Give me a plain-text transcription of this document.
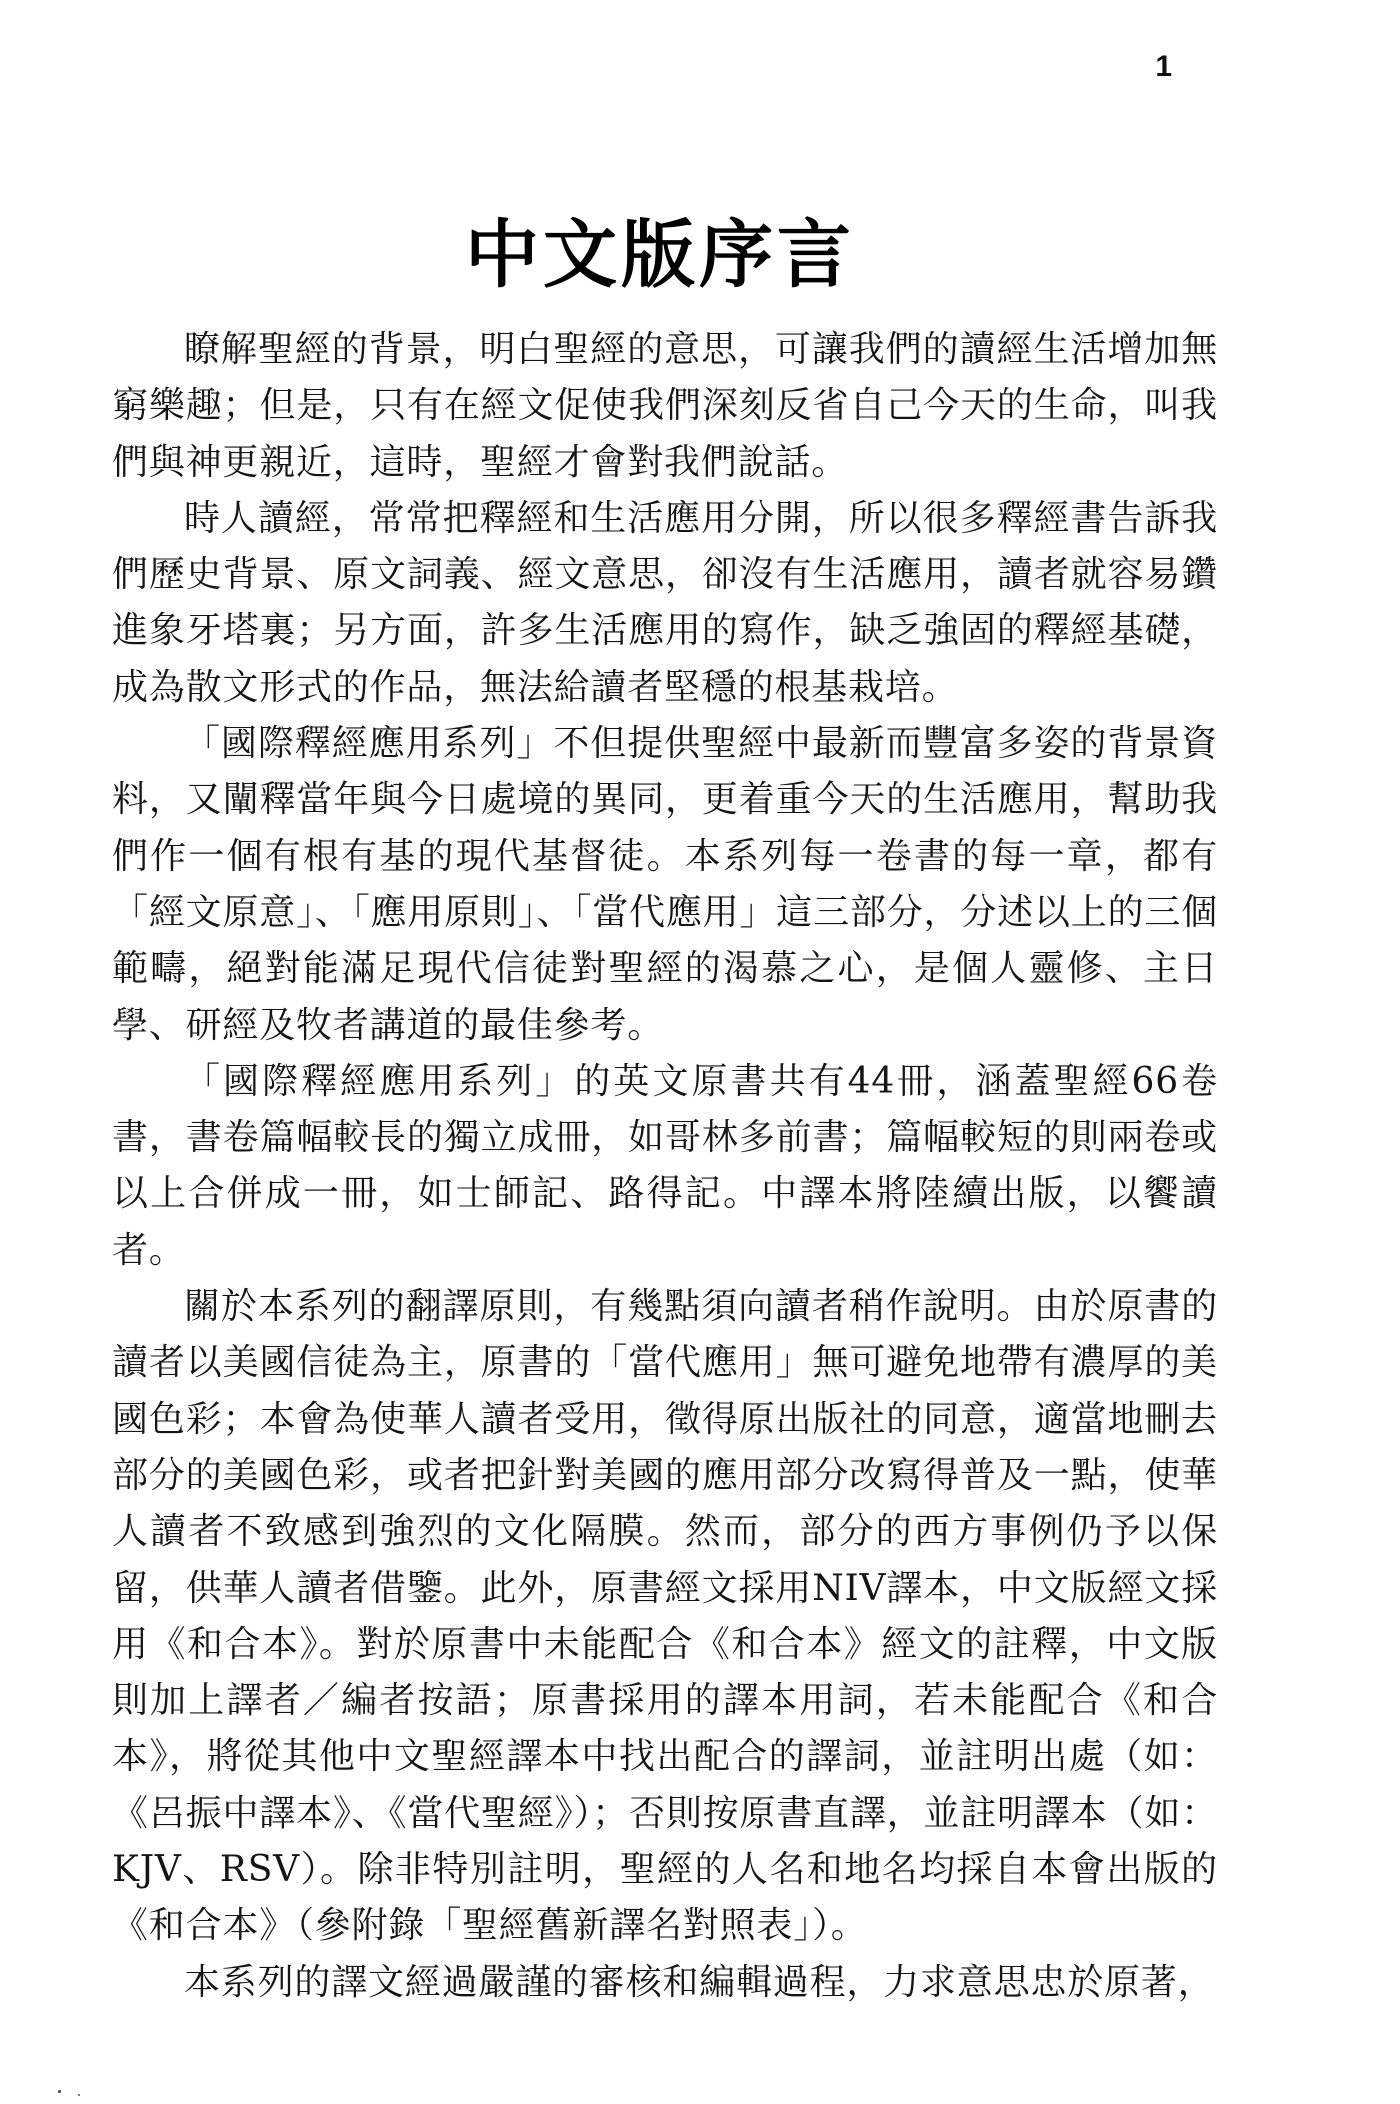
1
中文版序言

瞭解聖經的背景，明白聖經的意思，可讓我們的讀經生活增加無窮樂趣；但是，只有在經文促使我們深刻反省自己今天的生命，叫我們與神更親近，這時，聖經才會對我們說話。

時人讀經，常常把釋經和生活應用分開，所以很多釋經書告訴我們歷史背景、原文詞義、經文意思，卻沒有生活應用，讀者就容易鑽進象牙塔裏；另方面，許多生活應用的寫作，缺乏強固的釋經基礎，成為散文形式的作品，無法給讀者堅穩的根基栽培。

「國際釋經應用系列」不但提供聖經中最新而豐富多姿的背景資料，又闡釋當年與今日處境的異同，更着重今天的生活應用，幫助我們作一個有根有基的現代基督徒。本系列每一卷書的每一章，都有「經文原意」、「應用原則」、「當代應用」這三部分，分述以上的三個範疇，絕對能滿足現代信徒對聖經的渴慕之心，是個人靈修、主日學、研經及牧者講道的最佳參考。

「國際釋經應用系列」的英文原書共有44冊，涵蓋聖經66卷書，書卷篇幅較長的獨立成冊，如哥林多前書；篇幅較短的則兩卷或以上合併成一冊，如士師記、路得記。中譯本將陸續出版，以饗讀者。

關於本系列的翻譯原則，有幾點須向讀者稍作說明。由於原書的讀者以美國信徒為主，原書的「當代應用」無可避免地帶有濃厚的美國色彩；本會為使華人讀者受用，徵得原出版社的同意，適當地刪去部分的美國色彩，或者把針對美國的應用部分改寫得普及一點，使華人讀者不致感到強烈的文化隔膜。然而，部分的西方事例仍予以保留，供華人讀者借鑒。此外，原書經文採用NIV譯本，中文版經文採用《和合本》。對於原書中未能配合《和合本》經文的註釋，中文版則加上譯者／編者按語；原書採用的譯本用詞，若未能配合《和合本》，將從其他中文聖經譯本中找出配合的譯詞，並註明出處（如：《呂振中譯本》、《當代聖經》）；否則按原書直譯，並註明譯本（如：KJV、RSV）。除非特別註明，聖經的人名和地名均採自本會出版的《和合本》（參附錄「聖經舊新譯名對照表」）。

本系列的譯文經過嚴謹的審核和編輯過程，力求意思忠於原著，
